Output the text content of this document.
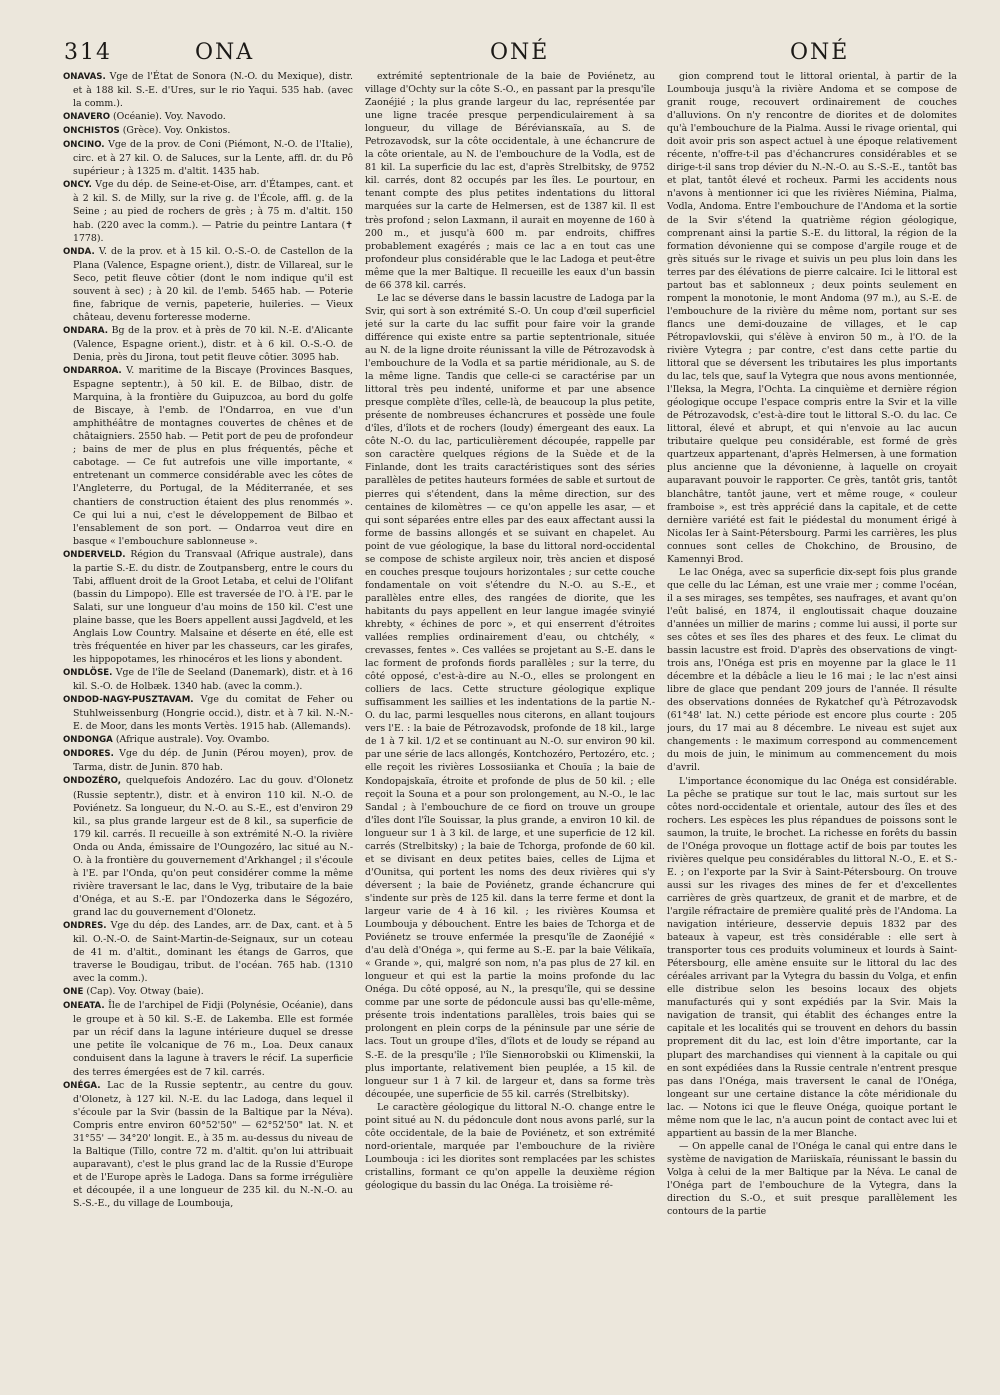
314	ONA	ONÉ	ONÉ

ONAVAS. Vge de l'État de Sonora (N.-O. du Mexique), distr. et à 188 kil. S.-E. d'Ures, sur le rio Yaqui. 535 hab. (avec la comm.).

ONAVERO (Océanie). Voy. Navodo.

ONCHISTOS (Grèce). Voy. Onkistos.

ONCINO. Vge de la prov. de Coni (Piémont, N.-O. de l'Italie), circ. et à 27 kil. O. de Saluces, sur la Lente, affl. dr. du Pô supérieur ; à 1325 m. d'altit. 1435 hab.

ONCY. Vge du dép. de Seine-et-Oise, arr. d'Étampes, cant. et à 2 kil. S. de Milly, sur la rive g. de l'École, affl. g. de la Seine ; au pied de rochers de grès ; à 75 m. d'altit. 150 hab. (220 avec la comm.). — Patrie du peintre Lantara (✝ 1778).

ONDA. V. de la prov. et à 15 kil. O.-S.-O. de Castellon de la Plana (Valence, Espagne orient.), distr. de Villareal, sur le Seco, petit fleuve côtier (dont le nom indique qu'il est souvent à sec) ; à 20 kil. de l'emb. 5465 hab. — Poterie fine, fabrique de vernis, papeterie, huileries. — Vieux château, devenu forteresse moderne.

ONDARA. Bg de la prov. et à près de 70 kil. N.-E. d'Alicante (Valence, Espagne orient.), distr. et à 6 kil. O.-S.-O. de Denia, près du Jirona, tout petit fleuve côtier. 3095 hab.

ONDARROA. V. maritime de la Biscaye (Provinces Basques, Espagne septentr.), à 50 kil. E. de Bilbao, distr. de Marquina, à la frontière du Guipuzcoa, au bord du golfe de Biscaye, à l'emb. de l'Ondarroa, en vue d'un amphithéâtre de montagnes couvertes de chênes et de châtaigniers. 2550 hab. — Petit port de peu de profondeur ; bains de mer de plus en plus fréquentés, pêche et cabotage. — Ce fut autrefois une ville importante, « entretenant un commerce considérable avec les côtes de l'Angleterre, du Portugal, de la Méditerranée, et ses chantiers de construction étaient des plus renommés ». Ce qui lui a nui, c'est le développement de Bilbao et l'ensablement de son port. — Ondarroa veut dire en basque « l'embouchure sablonneuse ».

ONDERVELD. Région du Transvaal (Afrique australe), dans la partie S.-E. du distr. de Zoutpansberg, entre le cours du Tabi, affluent droit de la Groot Letaba, et celui de l'Olifant (bassin du Limpopo). Elle est traversée de l'O. à l'E. par le Salati, sur une longueur d'au moins de 150 kil. C'est une plaine basse, que les Boers appellent aussi Jagdveld, et les Anglais Low Country. Malsaine et déserte en été, elle est très fréquentée en hiver par les chasseurs, car les girafes, les hippopotames, les rhinocéros et les lions y abondent.

ONDLÖSE. Vge de l'île de Seeland (Danemark), distr. et à 16 kil. S.-O. de Holbæk. 1340 hab. (avec la comm.).

ONDOD-NAGY-PUSZTAVAM. Vge du comitat de Feher ou Stuhlweissenburg (Hongrie occid.), distr. et à 7 kil. N.-N.-E. de Moor, dans les monts Vertès. 1915 hab. (Allemands).

ONDONGA (Afrique australe). Voy. Ovambo.

ONDORES. Vge du dép. de Junin (Pérou moyen), prov. de Tarma, distr. de Junin. 870 hab.

ONDOZÉRO, quelquefois Andozéro. Lac du gouv. d'Olonetz (Russie septentr.), distr. et à environ 110 kil. N.-O. de Poviénetz. Sa longueur, du N.-O. au S.-E., est d'environ 29 kil., sa plus grande largeur est de 8 kil., sa superficie de 179 kil. carrés. Il recueille à son extrémité N.-O. la rivière Onda ou Anda, émissaire de l'Oungozéro, lac situé au N.-O. à la frontière du gouvernement d'Arkhangel ; il s'écoule à l'E. par l'Onda, qu'on peut considérer comme la même rivière traversant le lac, dans le Vyg, tributaire de la baie d'Onéga, et au S.-E. par l'Ondozerka dans le Ségozéro, grand lac du gouvernement d'Olonetz.

ONDRES. Vge du dép. des Landes, arr. de Dax, cant. et à 5 kil. O.-N.-O. de Saint-Martin-de-Seignaux, sur un coteau de 41 m. d'altit., dominant les étangs de Garros, que traverse le Boudigau, tribut. de l'océan. 765 hab. (1310 avec la comm.).

ONE (Cap). Voy. Otway (baie).

ONEATA. Île de l'archipel de Fidji (Polynésie, Océanie), dans le groupe et à 50 kil. S.-E. de Lakemba. Elle est formée par un récif dans la lagune intérieure duquel se dresse une petite île volcanique de 76 m., Loa. Deux canaux conduisent dans la lagune à travers le récif. La superficie des terres émergées est de 7 kil. carrés.

ONÉGA. Lac de la Russie septentr., au centre du gouv. d'Olonetz, à 127 kil. N.-E. du lac Ladoga, dans lequel il s'écoule par la Svir (bassin de la Baltique par la Néva). Compris entre environ 60°52'50" — 62°52'50" lat. N. et 31°55' — 34°20' longit. E., à 35 m. au-dessus du niveau de la Baltique (Tillo, contre 72 m. d'altit. qu'on lui attribuait auparavant), c'est le plus grand lac de la Russie d'Europe et de l'Europe après le Ladoga. Dans sa forme irrégulière et découpée, il a une longueur de 235 kil. du N.-N.-O. au S.-S.-E., du village de Loumbouja,

extrémité septentrionale de la baie de Poviénetz, au village d'Ochty sur la côte S.-O., en passant par la presqu'île Zaonéjié ; la plus grande largeur du lac, représentée par une ligne tracée presque perpendiculairement à sa longueur, du village de Béréviansкаïa, au S. de Petrozavodsk, sur la côte occidentale, à une échancrure de la côte orientale, au N. de l'embouchure de la Vodla, est de 81 kil. La superficie du lac est, d'après Strelbitsky, de 9752 kil. carrés, dont 82 occupés par les îles. Le pourtour, en tenant compte des plus petites indentations du littoral marquées sur la carte de Helmersen, est de 1387 kil. Il est très profond ; selon Laxmann, il aurait en moyenne de 160 à 200 m., et jusqu'à 600 m. par endroits, chiffres probablement exagérés ; mais ce lac a en tout cas une profondeur plus considérable que le lac Ladoga et peut-être même que la mer Baltique. Il recueille les eaux d'un bassin de 66 378 kil. carrés.

Le lac se déverse dans le bassin lacustre de Ladoga par la Svir, qui sort à son extrémité S.-O. Un coup d'œil superficiel jeté sur la carte du lac suffit pour faire voir la grande différence qui existe entre sa partie septentrionale, située au N. de la ligne droite réunissant la ville de Pétrozavodsk à l'embouchure de la Vodla et sa partie méridionale, au S. de la même ligne. Tandis que celle-ci se caractérise par un littoral très peu indenté, uniforme et par une absence presque complète d'îles, celle-là, de beaucoup la plus petite, présente de nombreuses échancrures et possède une foule d'îles, d'îlots et de rochers (loudy) émergeant des eaux. La côte N.-O. du lac, particulièrement découpée, rappelle par son caractère quelques régions de la Suède et de la Finlande, dont les traits caractéristiques sont des séries parallèles de petites hauteurs formées de sable et surtout de pierres qui s'étendent, dans la même direction, sur des centaines de kilomètres — ce qu'on appelle les asar, — et qui sont séparées entre elles par des eaux affectant aussi la forme de bassins allongés et se suivant en chapelet. Au point de vue géologique, la base du littoral nord-occidental se compose de schiste argileux noir, très ancien et disposé en couches presque toujours horizontales ; sur cette couche fondamentale on voit s'étendre du N.-O. au S.-E., et parallèles entre elles, des rangées de diorite, que les habitants du pays appellent en leur langue imagée svinyié khrebty, « échines de porc », et qui enserrent d'étroites vallées remplies ordinairement d'eau, ou chtchély, « crevasses, fentes ». Ces vallées se projetant au S.-E. dans le lac forment de profonds fiords parallèles ; sur la terre, du côté opposé, c'est-à-dire au N.-O., elles se prolongent en colliers de lacs. Cette structure géologique explique suffisamment les saillies et les indentations de la partie N.-O. du lac, parmi lesquelles nous citerons, en allant toujours vers l'E. : la baie de Pétrozavodsk, profonde de 18 kil., large de 1 à 7 kil. 1/2 et se continuant au N.-O. sur environ 90 kil. par une série de lacs allongés, Kontchozéro, Pertozéro, etc. ; elle reçoit les rivières Lossosiianka et Chouïa ; la baie de Kondopajskaïa, étroite et profonde de plus de 50 kil. ; elle reçoit la Souna et a pour son prolongement, au N.-O., le lac Sandal ; à l'embouchure de ce fiord on trouve un groupe d'îles dont l'île Souissar, la plus grande, a environ 10 kil. de longueur sur 1 à 3 kil. de large, et une superficie de 12 kil. carrés (Strelbitsky) ; la baie de Tchorga, profonde de 60 kil. et se divisant en deux petites baies, celles de Lijma et d'Ounitsa, qui portent les noms des deux rivières qui s'y déversent ; la baie de Poviénetz, grande échancrure qui s'indente sur près de 125 kil. dans la terre ferme et dont la largeur varie de 4 à 16 kil. ; les rivières Koumsa et Loumbouja y débouchent. Entre les baies de Tchorga et de Poviénetz se trouve enfermée la presqu'île de Zaonéjié « d'au delà d'Onéga », qui ferme au S.-E. par la baie Vélikaïa, « Grande », qui, malgré son nom, n'a pas plus de 27 kil. en longueur et qui est la partie la moins profonde du lac Onéga. Du côté opposé, au N., la presqu'île, qui se dessine comme par une sorte de pédoncule aussi bas qu'elle-même, présente trois indentations parallèles, trois baies qui se prolongent en plein corps de la péninsule par une série de lacs. Tout un groupe d'îles, d'îlots et de loudy se répand au S.-E. de la presqu'île ; l'île Sienногobskii ou Klimenskii, la plus importante, relativement bien peuplée, a 15 kil. de longueur sur 1 à 7 kil. de largeur et, dans sa forme très découpée, une superficie de 55 kil. carrés (Strelbitsky).

Le caractère géologique du littoral N.-O. change entre le point situé au N. du pédoncule dont nous avons parlé, sur la côte occidentale, de la baie de Poviénetz, et son extrémité nord-orientale, marquée par l'embouchure de la rivière Loumbouja : ici les diorites sont remplacées par les schistes cristallins, formant ce qu'on appelle la deuxième région géologique du bassin du lac Onéga. La troisième ré-

gion comprend tout le littoral oriental, à partir de la Loumbouja jusqu'à la rivière Andoma et se compose de granit rouge, recouvert ordinairement de couches d'alluvions. On n'y rencontre de diorites et de dolomites qu'à l'embouchure de la Pialma. Aussi le rivage oriental, qui doit avoir pris son aspect actuel à une époque relativement récente, n'offre-t-il pas d'échancrures considérables et se dirige-t-il sans trop dévier du N.-N.-O. au S.-S.-E., tantôt bas et plat, tantôt élevé et rocheux. Parmi les accidents nous n'avons à mentionner ici que les rivières Niémina, Pialma, Vodla, Andoma. Entre l'embouchure de l'Andoma et la sortie de la Svir s'étend la quatrième région géologique, comprenant ainsi la partie S.-E. du littoral, la région de la formation dévonienne qui se compose d'argile rouge et de grès situés sur le rivage et suivis un peu plus loin dans les terres par des élévations de pierre calcaire. Ici le littoral est partout bas et sablonneux ; deux points seulement en rompent la monotonie, le mont Andoma (97 m.), au S.-E. de l'embouchure de la rivière du même nom, portant sur ses flancs une demi-douzaine de villages, et le cap Pétropavlovskii, qui s'élève à environ 50 m., à l'O. de la rivière Vytegra ; par contre, c'est dans cette partie du littoral que se déversent les tributaires les plus importants du lac, tels que, sauf la Vytegra que nous avons mentionnée, l'Ileksa, la Megra, l'Ochta. La cinquième et dernière région géologique occupe l'espace compris entre la Svir et la ville de Pétrozavodsk, c'est-à-dire tout le littoral S.-O. du lac. Ce littoral, élevé et abrupt, et qui n'envoie au lac aucun tributaire quelque peu considérable, est formé de grès quartzeux appartenant, d'après Helmersen, à une formation plus ancienne que la dévonienne, à laquelle on croyait auparavant pouvoir le rapporter. Ce grès, tantôt gris, tantôt blanchâtre, tantôt jaune, vert et même rouge, « couleur framboise », est très apprécié dans la capitale, et de cette dernière variété est fait le piédestal du monument érigé à Nicolas Ier à Saint-Pétersbourg. Parmi les carrières, les plus connues sont celles de Chokchino, de Brousino, de Kamennyi Brod.

Le lac Onéga, avec sa superficie dix-sept fois plus grande que celle du lac Léman, est une vraie mer ; comme l'océan, il a ses mirages, ses tempêtes, ses naufrages, et avant qu'on l'eût balisé, en 1874, il engloutissait chaque douzaine d'années un millier de marins ; comme lui aussi, il porte sur ses côtes et ses îles des phares et des feux. Le climat du bassin lacustre est froid. D'après des observations de vingt-trois ans, l'Onéga est pris en moyenne par la glace le 11 décembre et la débâcle a lieu le 16 mai ; le lac n'est ainsi libre de glace que pendant 209 jours de l'année. Il résulte des observations données de Rykatchef qu'à Pétrozavodsk (61°48' lat. N.) cette période est encore plus courte : 205 jours, du 17 mai au 8 décembre. Le niveau est sujet aux changements : le maximum correspond au commencement du mois de juin, le minimum au commencement du mois d'avril.

L'importance économique du lac Onéga est considérable. La pêche se pratique sur tout le lac, mais surtout sur les côtes nord-occidentale et orientale, autour des îles et des rochers. Les espèces les plus répandues de poissons sont le saumon, la truite, le brochet. La richesse en forêts du bassin de l'Onéga provoque un flottage actif de bois par toutes les rivières quelque peu considérables du littoral N.-O., E. et S.-E. ; on l'exporte par la Svir à Saint-Pétersbourg. On trouve aussi sur les rivages des mines de fer et d'excellentes carrières de grès quartzeux, de granit et de marbre, et de l'argile réfractaire de première qualité près de l'Andoma. La navigation intérieure, desservie depuis 1832 par des bateaux à vapeur, est très considérable : elle sert à transporter tous ces produits volumineux et lourds à Saint-Pétersbourg, elle amène ensuite sur le littoral du lac des céréales arrivant par la Vytegra du bassin du Volga, et enfin elle distribue selon les besoins locaux des objets manufacturés qui y sont expédiés par la Svir. Mais la navigation de transit, qui établit des échanges entre la capitale et les localités qui se trouvent en dehors du bassin proprement dit du lac, est loin d'être importante, car la plupart des marchandises qui viennent à la capitale ou qui en sont expédiées dans la Russie centrale n'entrent presque pas dans l'Onéga, mais traversent le canal de l'Onéga, longeant sur une certaine distance la côte méridionale du lac. — Notons ici que le fleuve Onéga, quoique portant le même nom que le lac, n'a aucun point de contact avec lui et appartient au bassin de la mer Blanche.

— On appelle canal de l'Onéga le canal qui entre dans le système de navigation de Mariiskaïa, réunissant le bassin du Volga à celui de la mer Baltique par la Néva. Le canal de l'Onéga part de l'embouchure de la Vytegra, dans la direction du S.-O., et suit presque parallèlement les contours de la partie
